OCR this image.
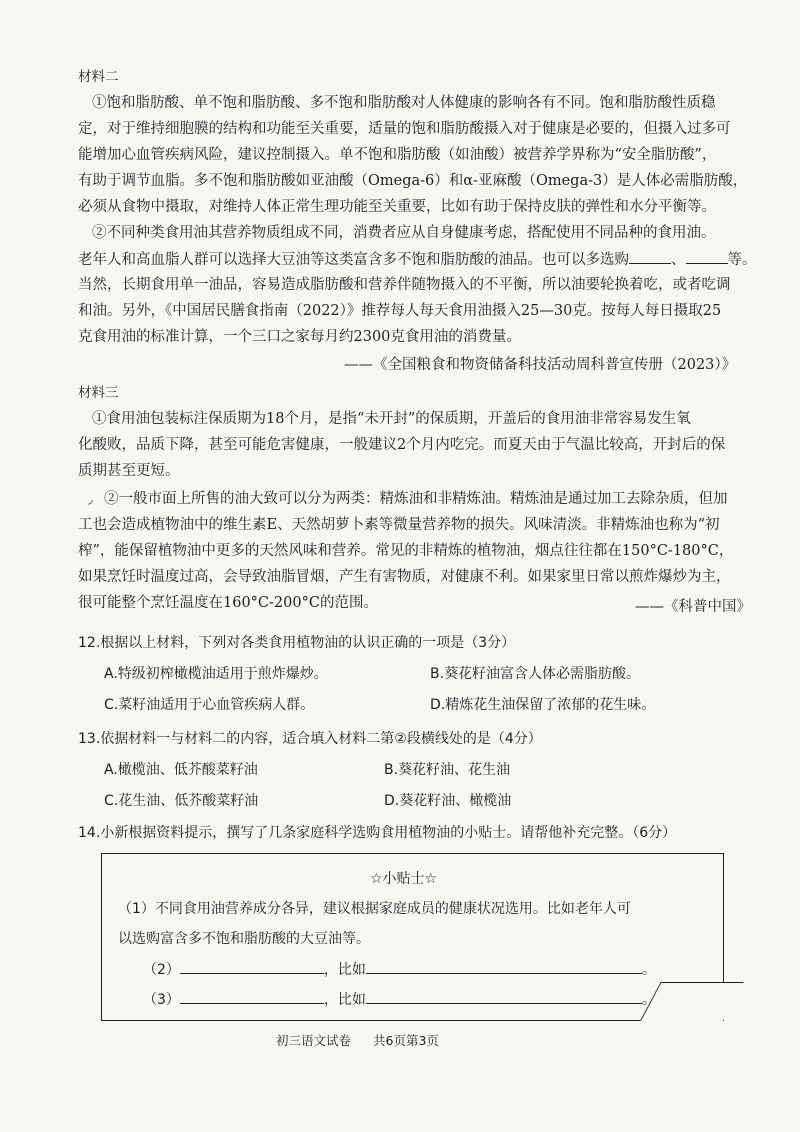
材料二
①饱和脂肪酸、单不饱和脂肪酸、多不饱和脂肪酸对人体健康的影响各有不同。饱和脂肪酸性质稳
定，对于维持细胞膜的结构和功能至关重要，适量的饱和脂肪酸摄入对于健康是必要的，但摄入过多可
能增加心血管疾病风险，建议控制摄入。单不饱和脂肪酸（如油酸）被营养学界称为“安全脂肪酸”，
有助于调节血脂。多不饱和脂肪酸如亚油酸（Omega-6）和α-亚麻酸（Omega-3）是人体必需脂肪酸，
必须从食物中摄取，对维持人体正常生理功能至关重要，比如有助于保持皮肤的弹性和水分平衡等。
②不同种类食用油其营养物质组成不同，消费者应从自身健康考虑，搭配使用不同品种的食用油。
老年人和高血脂人群可以选择大豆油等这类富含多不饱和脂肪酸的油品。也可以多选购	、	等。
当然，长期食用单一油品，容易造成脂肪酸和营养伴随物摄入的不平衡，所以油要轮换着吃，或者吃调
和油。另外，《中国居民膳食指南（2022）》推荐每人每天食用油摄入25—30克。按每人每日摄取25
克食用油的标准计算，一个三口之家每月约2300克食用油的消费量。
——《全国粮食和物资储备科技活动周科普宣传册（2023）》
材料三
①食用油包装标注保质期为18个月，是指“未开封”的保质期，开盖后的食用油非常容易发生氧
化酸败，品质下降，甚至可能危害健康，一般建议2个月内吃完。而夏天由于气温比较高，开封后的保
质期甚至更短。
◞ ②一般市面上所售的油大致可以分为两类：精炼油和非精炼油。精炼油是通过加工去除杂质，但加
工也会造成植物油中的维生素E、天然胡萝卜素等微量营养物的损失。风味清淡。非精炼油也称为“初
榨”，能保留植物油中更多的天然风味和营养。常见的非精炼的植物油，烟点往往都在150°C-180°C，
如果烹饪时温度过高，会导致油脂冒烟，产生有害物质，对健康不利。如果家里日常以煎炸爆炒为主，
很可能整个烹饪温度在160°C-200°C的范围。	——《科普中国》
12.根据以上材料，下列对各类食用植物油的认识正确的一项是（3分）
A.特级初榨橄榄油适用于煎炸爆炒。	B.葵花籽油富含人体必需脂肪酸。
C.菜籽油适用于心血管疾病人群。	D.精炼花生油保留了浓郁的花生味。
13.依据材料一与材料二的内容，适合填入材料二第②段横线处的是（4分）
A.橄榄油、低芥酸菜籽油	B.葵花籽油、花生油
C.花生油、低芥酸菜籽油	D.葵花籽油、橄榄油
14.小新根据资料提示，撰写了几条家庭科学选购食用植物油的小贴士。请帮他补充完整。（6分）
☆小贴士☆
（1）不同食用油营养成分各异，建议根据家庭成员的健康状况选用。比如老年人可
以选购富含多不饱和脂肪酸的大豆油等。
（2）	，比如	。
（3）	，比如	。
初三语文试卷 共6页第3页
